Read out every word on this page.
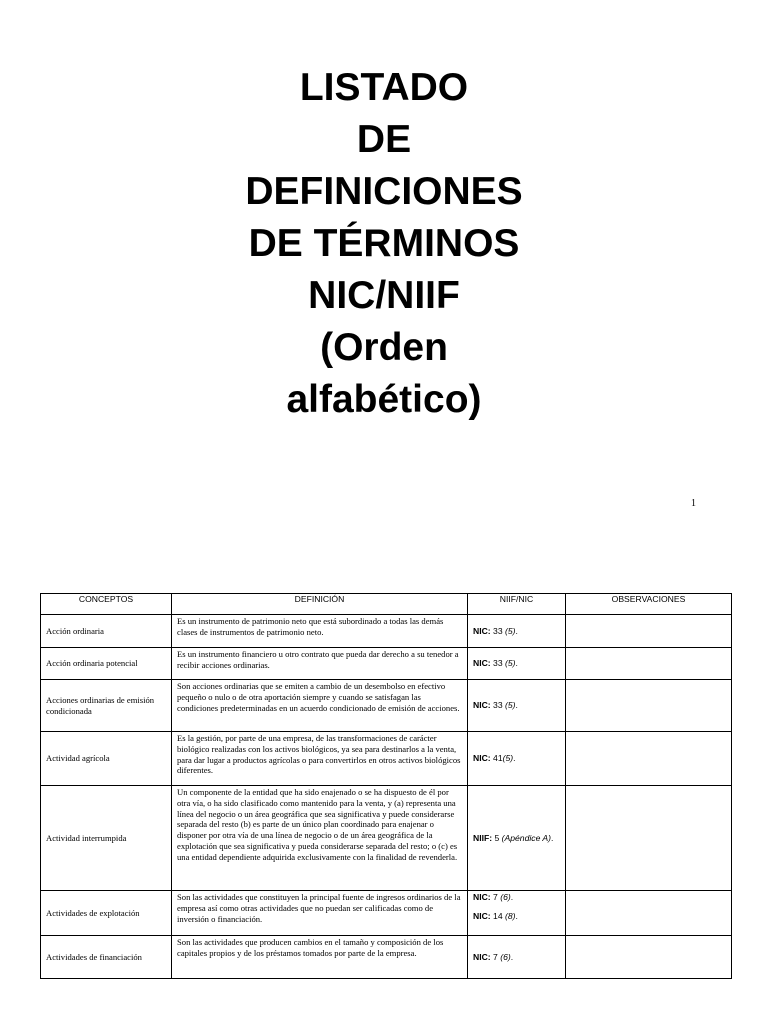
LISTADO
DE
DEFINICIONES
DE TÉRMINOS
NIC/NIIF
(Orden
alfabético)
1
CONCEPTOS	DEFINICIÓN	NIIF/NIC	OBSERVACIONES
Acción ordinaria	Es un instrumento de patrimonio neto que está subordinado a todas las demás clases de instrumentos de patrimonio neto.	NIC: 33 (5).	

Acción ordinaria potencial	Es un instrumento financiero u otro contrato que pueda dar derecho a su tenedor a recibir acciones ordinarias.	NIC: 33 (5).	

Acciones ordinarias de emisión condicionada	Son acciones ordinarias que se emiten a cambio de un desembolso en efectivo pequeño o nulo o de otra aportación siempre y cuando se satisfagan las condiciones predeterminadas en un acuerdo condicionado de emisión de acciones.	NIC: 33 (5).	

Actividad agrícola	Es la gestión, por parte de una empresa, de las transformaciones de carácter biológico realizadas con los activos biológicos, ya sea para destinarlos a la venta, para dar lugar a productos agrícolas o para convertirlos en otros activos biológicos diferentes.	NIC: 41(5).	

Actividad interrumpida	Un componente de la entidad que ha sido enajenado o se ha dispuesto de él por otra vía, o ha sido clasificado como mantenido para la venta, y (a) representa una línea del negocio o un área geográfica que sea significativa y puede considerarse separada del resto (b) es parte de un único plan coordinado para enajenar o disponer por otra vía de una línea de negocio o de un área geográfica de la explotación que sea significativa y pueda considerarse separada del resto; o (c) es una entidad dependiente adquirida exclusivamente con la finalidad de revenderla.	NIIF: 5 (Apéndice A).	

Actividades de explotación	Son las actividades que constituyen la principal fuente de ingresos ordinarios de la empresa así como otras actividades que no puedan ser calificadas como de inversión o financiación.	NIC: 7 (6).
NIC: 14 (8).	

Actividades de financiación	Son las actividades que producen cambios en el tamaño y composición de los capitales propios y de los préstamos tomados por parte de la empresa.	NIC: 7 (6).	
